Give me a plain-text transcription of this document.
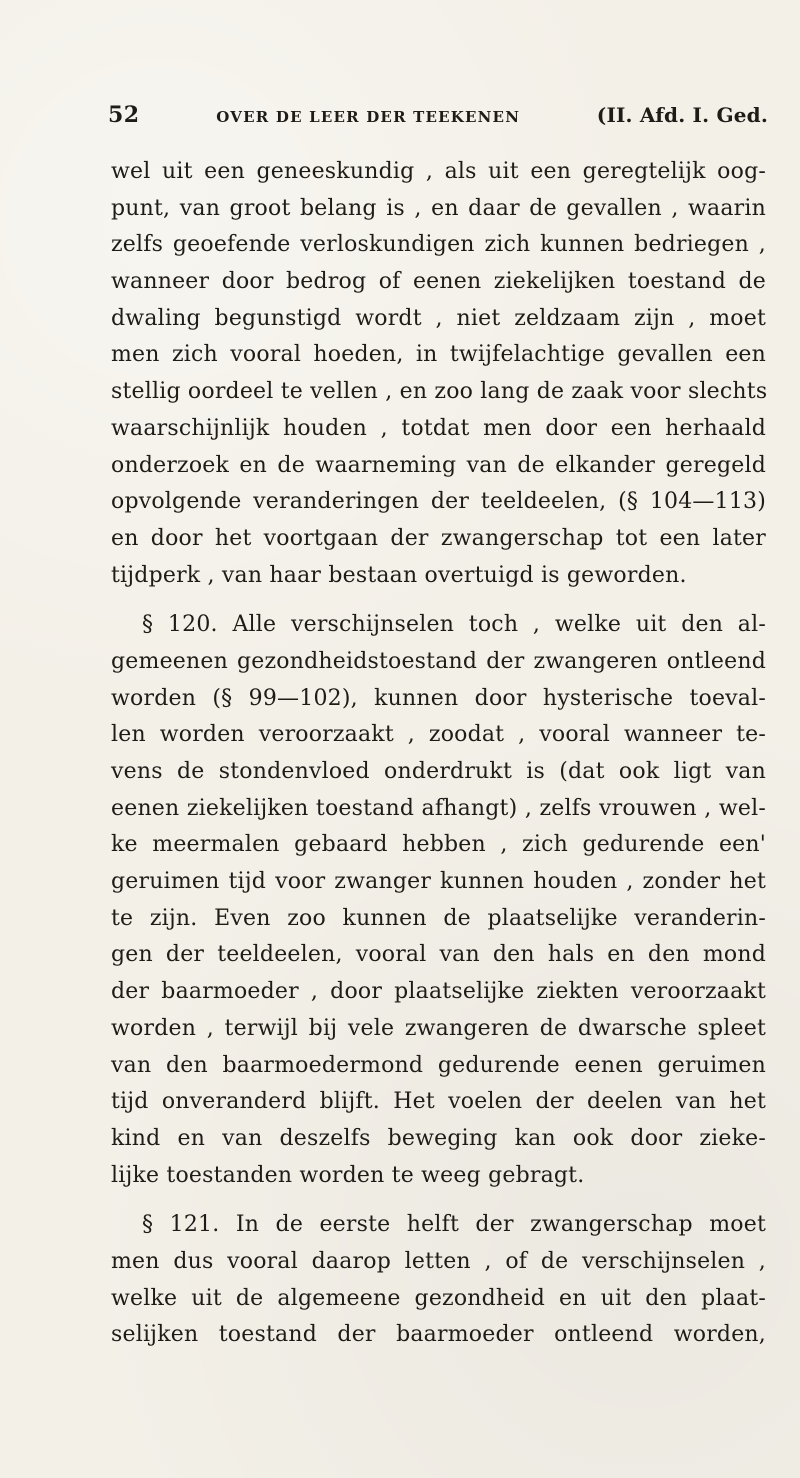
52	OVER DE LEER DER TEEKENEN	(II. Afd. I. Ged.
wel uit een geneeskundig , als uit een geregtelijk oog-
punt, van groot belang is , en daar de gevallen , waarin
zelfs geoefende verloskundigen zich kunnen bedriegen ,
wanneer door bedrog of eenen ziekelijken toestand de
dwaling begunstigd wordt , niet zeldzaam zijn , moet
men zich vooral hoeden, in twijfelachtige gevallen een
stellig oordeel te vellen , en zoo lang de zaak voor slechts
waarschijnlijk houden , totdat men door een herhaald
onderzoek en de waarneming van de elkander geregeld
opvolgende veranderingen der teeldeelen, (§ 104—113)
en door het voortgaan der zwangerschap tot een later
tijdperk , van haar bestaan overtuigd is geworden.
§ 120. Alle verschijnselen toch , welke uit den al-
gemeenen gezondheidstoestand der zwangeren ontleend
worden (§ 99—102), kunnen door hysterische toeval-
len worden veroorzaakt , zoodat , vooral wanneer te-
vens de stondenvloed onderdrukt is (dat ook ligt van
eenen ziekelijken toestand afhangt) , zelfs vrouwen , wel-
ke meermalen gebaard hebben , zich gedurende een'
geruimen tijd voor zwanger kunnen houden , zonder het
te zijn. Even zoo kunnen de plaatselijke veranderin-
gen der teeldeelen, vooral van den hals en den mond
der baarmoeder , door plaatselijke ziekten veroorzaakt
worden , terwijl bij vele zwangeren de dwarsche spleet
van den baarmoedermond gedurende eenen geruimen
tijd onveranderd blijft. Het voelen der deelen van het
kind en van deszelfs beweging kan ook door zieke-
lijke toestanden worden te weeg gebragt.
§ 121. In de eerste helft der zwangerschap moet
men dus vooral daarop letten , of de verschijnselen ,
welke uit de algemeene gezondheid en uit den plaat-
selijken toestand der baarmoeder ontleend worden,
